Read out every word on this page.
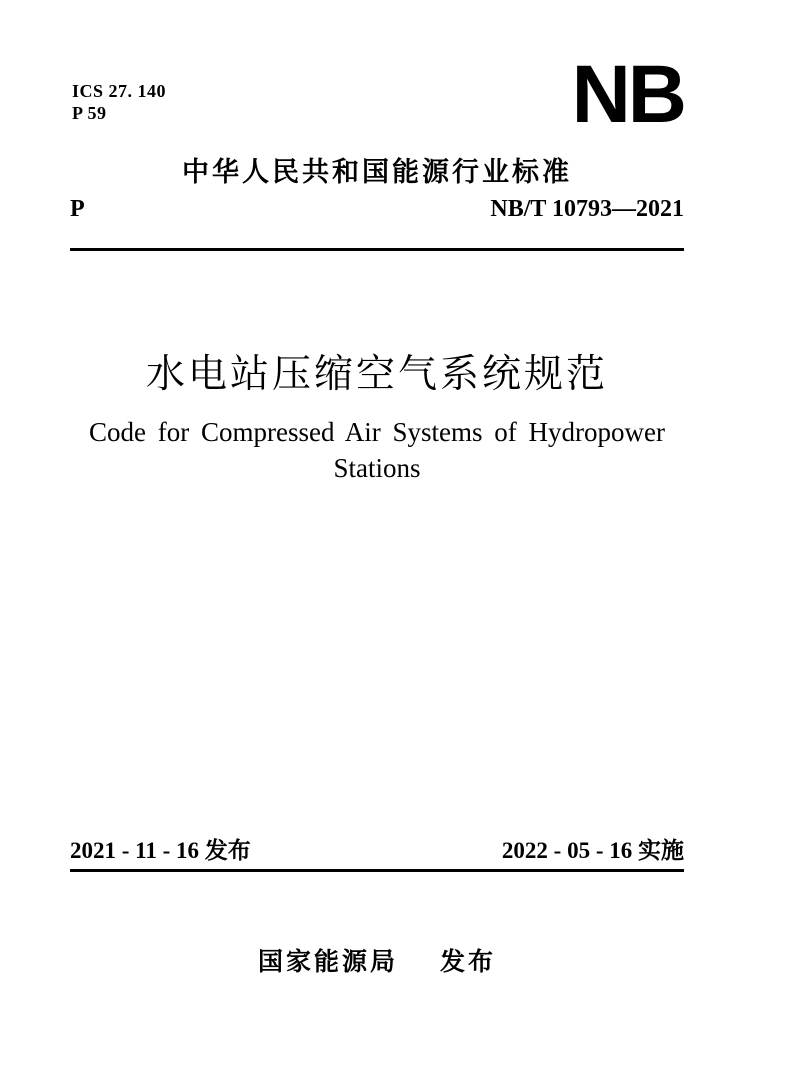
ICS 27. 140
P 59	NB
中华人民共和国能源行业标准
P	NB/T 10793—2021
水电站压缩空气系统规范
Code for Compressed Air Systems of Hydropower
Stations
2021 - 11 - 16 发布	2022 - 05 - 16 实施
国家能源局 发布
